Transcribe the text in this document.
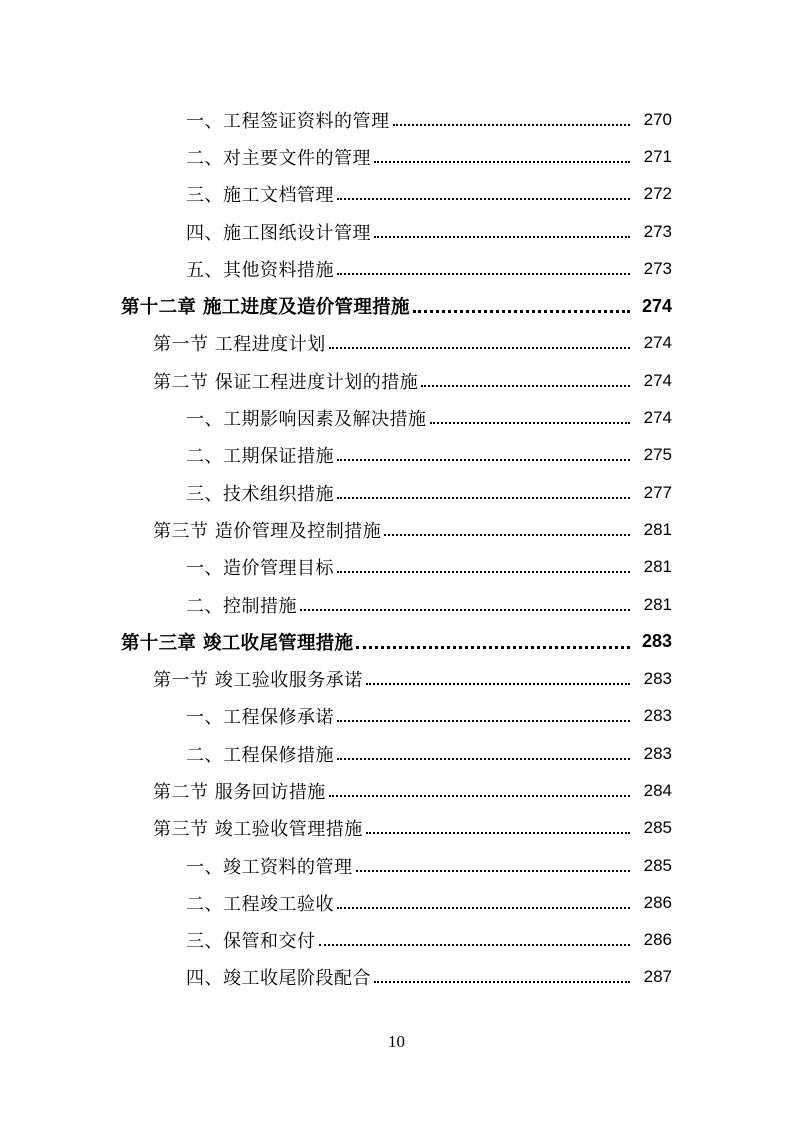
一、工程签证资料的管理	270
二、对主要文件的管理	271
三、施工文档管理	272
四、施工图纸设计管理	273
五、其他资料措施	273
第十二章 施工进度及造价管理措施	274
第一节 工程进度计划	274
第二节 保证工程进度计划的措施	274
一、工期影响因素及解决措施	274
二、工期保证措施	275
三、技术组织措施	277
第三节 造价管理及控制措施	281
一、造价管理目标	281
二、控制措施	281
第十三章 竣工收尾管理措施	283
第一节 竣工验收服务承诺	283
一、工程保修承诺	283
二、工程保修措施	283
第二节 服务回访措施	284
第三节 竣工验收管理措施	285
一、竣工资料的管理	285
二、工程竣工验收	286
三、保管和交付	286
四、竣工收尾阶段配合	287
10
